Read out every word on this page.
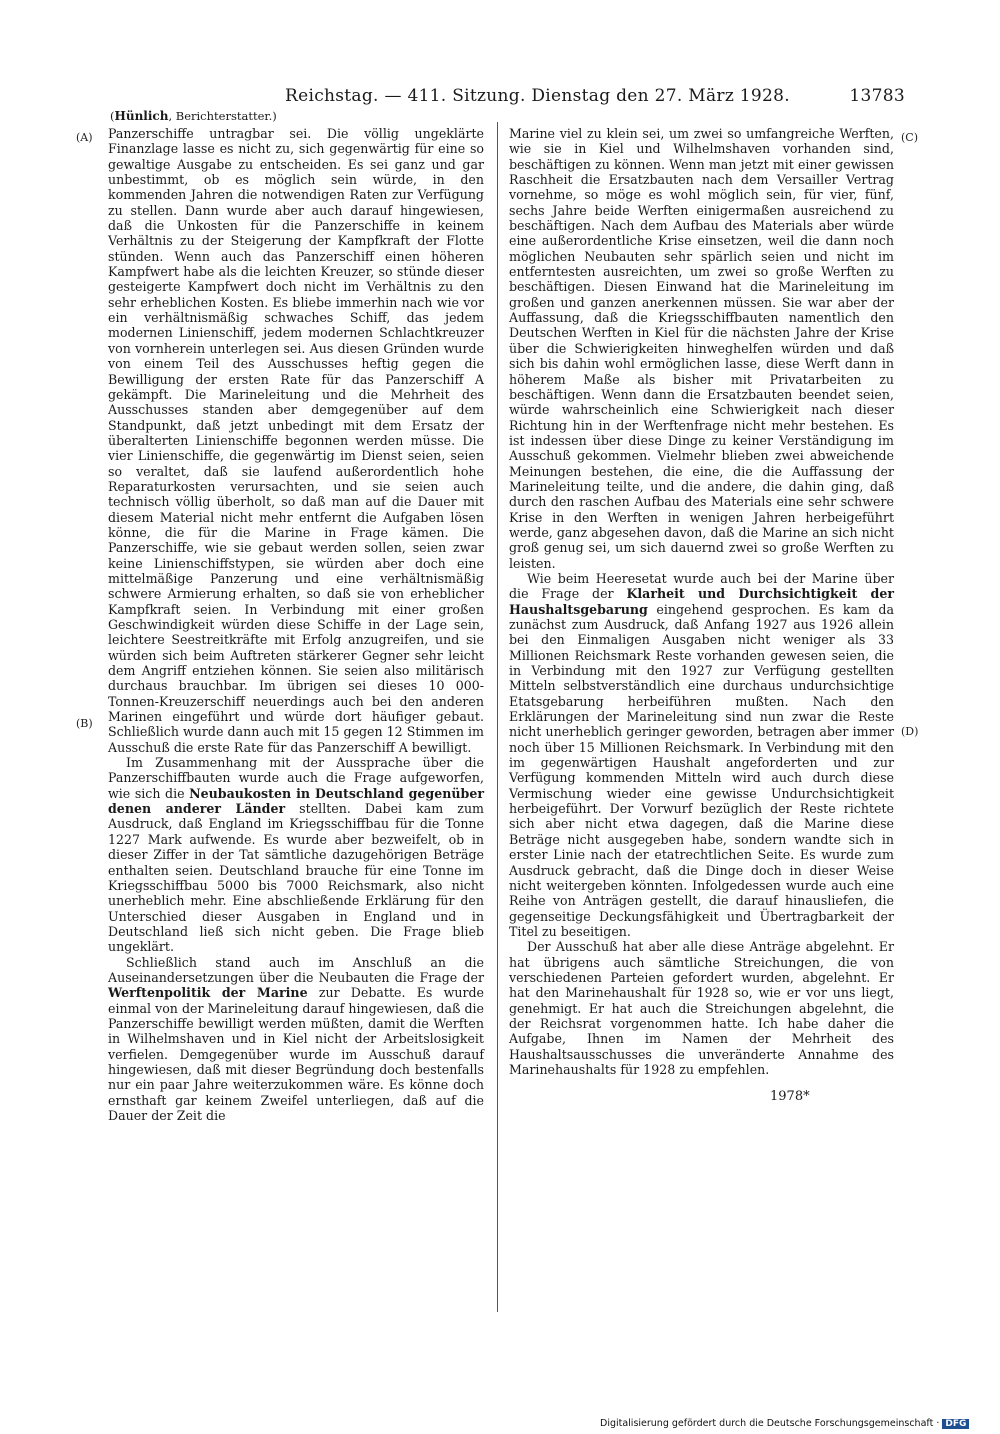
Reichstag. — 411. Sitzung. Dienstag den 27. März 1928.	13783
(Hünlich, Berichterstatter.)
(A)
(B)
(C)
(D)

Panzerschiffe untragbar sei. Die völlig ungeklärte Finanzlage lasse es nicht zu, sich gegenwärtig für eine so gewaltige Ausgabe zu entscheiden. Es sei ganz und gar unbestimmt, ob es möglich sein würde, in den kommenden Jahren die notwendigen Raten zur Verfügung zu stellen. Dann wurde aber auch darauf hingewiesen, daß die Unkosten für die Panzerschiffe in keinem Verhältnis zu der Steigerung der Kampfkraft der Flotte stünden. Wenn auch das Panzerschiff einen höheren Kampfwert habe als die leichten Kreuzer, so stünde dieser gesteigerte Kampfwert doch nicht im Verhältnis zu den sehr erheblichen Kosten. Es bliebe immerhin nach wie vor ein verhältnismäßig schwaches Schiff, das jedem modernen Linienschiff, jedem modernen Schlachtkreuzer von vornherein unterlegen sei. Aus diesen Gründen wurde von einem Teil des Ausschusses heftig gegen die Bewilligung der ersten Rate für das Panzerschiff A gekämpft. Die Marineleitung und die Mehrheit des Ausschusses standen aber demgegenüber auf dem Standpunkt, daß jetzt unbedingt mit dem Ersatz der überalterten Linienschiffe begonnen werden müsse. Die vier Linienschiffe, die gegenwärtig im Dienst seien, seien so veraltet, daß sie laufend außerordentlich hohe Reparaturkosten verursachten, und sie seien auch technisch völlig überholt, so daß man auf die Dauer mit diesem Material nicht mehr entfernt die Aufgaben lösen könne, die für die Marine in Frage kämen. Die Panzerschiffe, wie sie gebaut werden sollen, seien zwar keine Linienschiffstypen, sie würden aber doch eine mittelmäßige Panzerung und eine verhältnismäßig schwere Armierung erhalten, so daß sie von erheblicher Kampfkraft seien. In Verbindung mit einer großen Geschwindigkeit würden diese Schiffe in der Lage sein, leichtere Seestreitkräfte mit Erfolg anzugreifen, und sie würden sich beim Auftreten stärkerer Gegner sehr leicht dem Angriff entziehen können. Sie seien also militärisch durchaus brauchbar. Im übrigen sei dieses 10 000-Tonnen-Kreuzerschiff neuerdings auch bei den anderen Marinen eingeführt und würde dort häufiger gebaut. Schließlich wurde dann auch mit 15 gegen 12 Stimmen im Ausschuß die erste Rate für das Panzerschiff A bewilligt.

Im Zusammenhang mit der Aussprache über die Panzerschiffbauten wurde auch die Frage aufgeworfen, wie sich die Neubaukosten in Deutschland gegenüber denen anderer Länder stellten. Dabei kam zum Ausdruck, daß England im Kriegsschiffbau für die Tonne 1227 Mark aufwende. Es wurde aber bezweifelt, ob in dieser Ziffer in der Tat sämtliche dazugehörigen Beträge enthalten seien. Deutschland brauche für eine Tonne im Kriegsschiffbau 5000 bis 7000 Reichsmark, also nicht unerheblich mehr. Eine abschließende Erklärung für den Unterschied dieser Ausgaben in England und in Deutschland ließ sich nicht geben. Die Frage blieb ungeklärt.

Schließlich stand auch im Anschluß an die Auseinandersetzungen über die Neubauten die Frage der Werftenpolitik der Marine zur Debatte. Es wurde einmal von der Marineleitung darauf hingewiesen, daß die Panzerschiffe bewilligt werden müßten, damit die Werften in Wilhelmshaven und in Kiel nicht der Arbeitslosigkeit verfielen. Demgegenüber wurde im Ausschuß darauf hingewiesen, daß mit dieser Begründung doch bestenfalls nur ein paar Jahre weiterzukommen wäre. Es könne doch ernsthaft gar keinem Zweifel unterliegen, daß auf die Dauer der Zeit die

Marine viel zu klein sei, um zwei so umfangreiche Werften, wie sie in Kiel und Wilhelmshaven vorhanden sind, beschäftigen zu können. Wenn man jetzt mit einer gewissen Raschheit die Ersatzbauten nach dem Versailler Vertrag vornehme, so möge es wohl möglich sein, für vier, fünf, sechs Jahre beide Werften einigermaßen ausreichend zu beschäftigen. Nach dem Aufbau des Materials aber würde eine außerordentliche Krise einsetzen, weil die dann noch möglichen Neubauten sehr spärlich seien und nicht im entferntesten ausreichten, um zwei so große Werften zu beschäftigen. Diesen Einwand hat die Marineleitung im großen und ganzen anerkennen müssen. Sie war aber der Auffassung, daß die Kriegsschiffbauten namentlich den Deutschen Werften in Kiel für die nächsten Jahre der Krise über die Schwierigkeiten hinweghelfen würden und daß sich bis dahin wohl ermöglichen lasse, diese Werft dann in höherem Maße als bisher mit Privatarbeiten zu beschäftigen. Wenn dann die Ersatzbauten beendet seien, würde wahrscheinlich eine Schwierigkeit nach dieser Richtung hin in der Werftenfrage nicht mehr bestehen. Es ist indessen über diese Dinge zu keiner Verständigung im Ausschuß gekommen. Vielmehr blieben zwei abweichende Meinungen bestehen, die eine, die die Auffassung der Marineleitung teilte, und die andere, die dahin ging, daß durch den raschen Aufbau des Materials eine sehr schwere Krise in den Werften in wenigen Jahren herbeigeführt werde, ganz abgesehen davon, daß die Marine an sich nicht groß genug sei, um sich dauernd zwei so große Werften zu leisten.

Wie beim Heeresetat wurde auch bei der Marine über die Frage der Klarheit und Durchsichtigkeit der Haushaltsgebarung eingehend gesprochen. Es kam da zunächst zum Ausdruck, daß Anfang 1927 aus 1926 allein bei den Einmaligen Ausgaben nicht weniger als 33 Millionen Reichsmark Reste vorhanden gewesen seien, die in Verbindung mit den 1927 zur Verfügung gestellten Mitteln selbstverständlich eine durchaus undurchsichtige Etatsgebarung herbeiführen mußten. Nach den Erklärungen der Marineleitung sind nun zwar die Reste nicht unerheblich geringer geworden, betragen aber immer noch über 15 Millionen Reichsmark. In Verbindung mit den im gegenwärtigen Haushalt angeforderten und zur Verfügung kommenden Mitteln wird auch durch diese Vermischung wieder eine gewisse Undurchsichtigkeit herbeigeführt. Der Vorwurf bezüglich der Reste richtete sich aber nicht etwa dagegen, daß die Marine diese Beträge nicht ausgegeben habe, sondern wandte sich in erster Linie nach der etatrechtlichen Seite. Es wurde zum Ausdruck gebracht, daß die Dinge doch in dieser Weise nicht weitergeben könnten. Infolgedessen wurde auch eine Reihe von Anträgen gestellt, die darauf hinausliefen, die gegenseitige Deckungsfähigkeit und Übertragbarkeit der Titel zu beseitigen.

Der Ausschuß hat aber alle diese Anträge abgelehnt. Er hat übrigens auch sämtliche Streichungen, die von verschiedenen Parteien gefordert wurden, abgelehnt. Er hat den Marinehaushalt für 1928 so, wie er vor uns liegt, genehmigt. Er hat auch die Streichungen abgelehnt, die der Reichsrat vorgenommen hatte. Ich habe daher die Aufgabe, Ihnen im Namen der Mehrheit des Haushaltsausschusses die unveränderte Annahme des Marinehaushalts für 1928 zu empfehlen.

1978*
Digitalisierung gefördert durch die Deutsche Forschungsgemeinschaft · DFG
